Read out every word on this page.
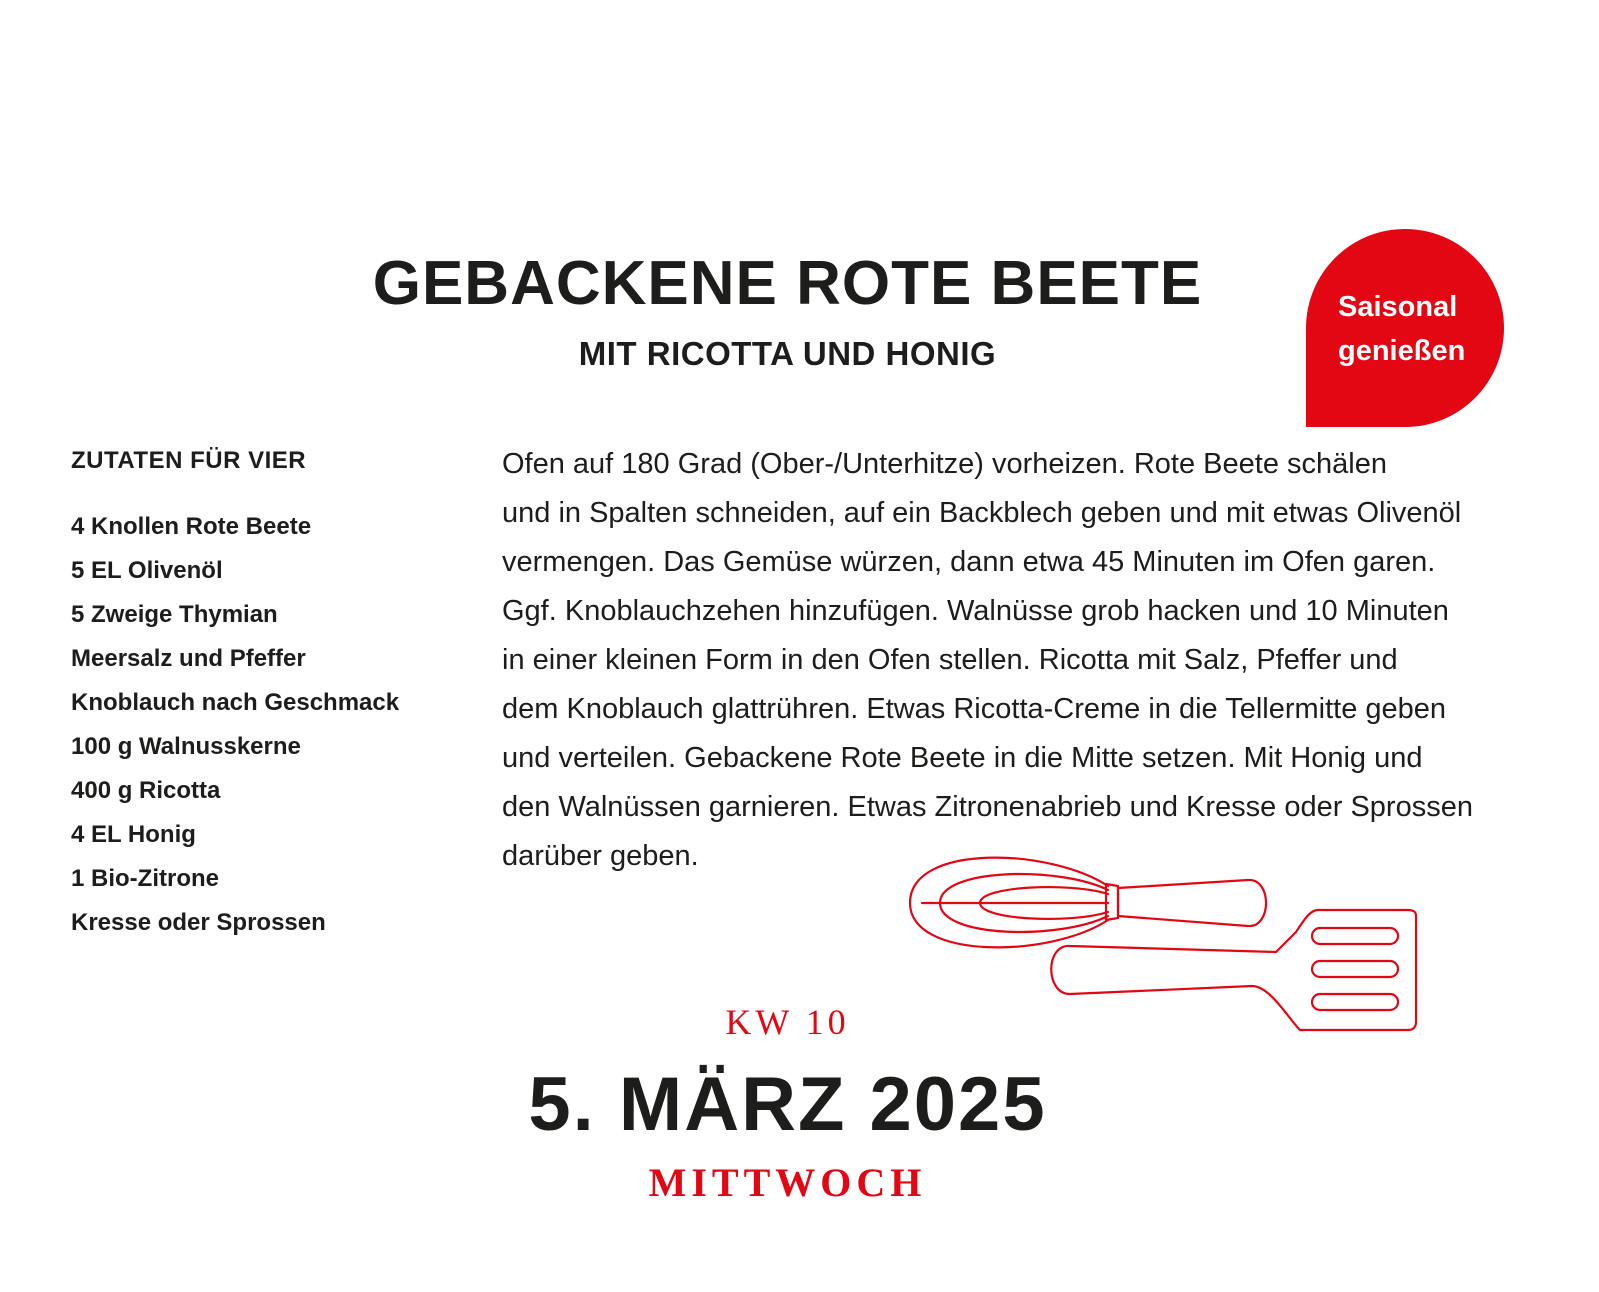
GEBACKENE ROTE BEETE
MIT RICOTTA UND HONIG
Saisonal
genießen
ZUTATEN FÜR VIER
4 Knollen Rote Beete
5 EL Olivenöl
5 Zweige Thymian
Meersalz und Pfeffer
Knoblauch nach Geschmack
100 g Walnusskerne
400 g Ricotta
4 EL Honig
1 Bio-Zitrone
Kresse oder Sprossen

Ofen auf 180 Grad (Ober-/Unterhitze) vorheizen. Rote Beete schälen
und in Spalten schneiden, auf ein Backblech geben und mit etwas Olivenöl
vermengen. Das Gemüse würzen, dann etwa 45 Minuten im Ofen garen.
Ggf. Knoblauchzehen hinzufügen. Walnüsse grob hacken und 10 Minuten
in einer kleinen Form in den Ofen stellen. Ricotta mit Salz, Pfeffer und
dem Knoblauch glattrühren. Etwas Ricotta-Creme in die Tellermitte geben
und verteilen. Gebackene Rote Beete in die Mitte setzen. Mit Honig und
den Walnüssen garnieren. Etwas Zitronenabrieb und Kresse oder Sprossen
darüber geben.

KW 10
5. MÄRZ 2025
MITTWOCH
